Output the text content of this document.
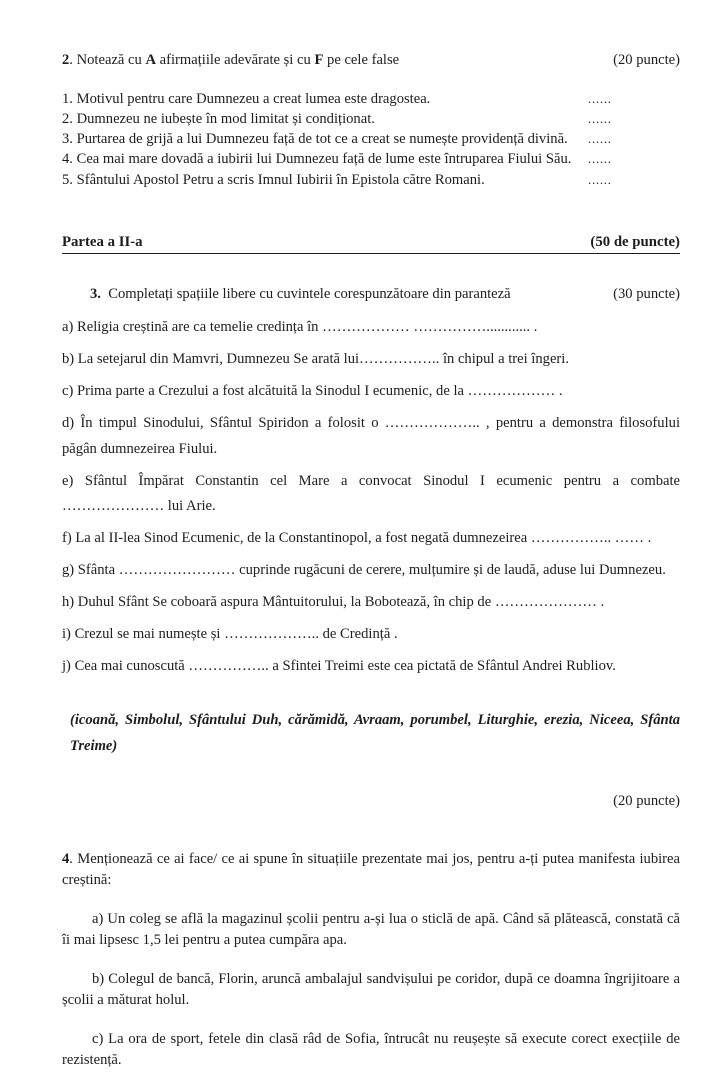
2. Notează cu A afirmațiile adevărate și cu F pe cele false	(20 puncte)
1. Motivul pentru care Dumnezeu a creat lumea este dragostea.	......
2. Dumnezeu ne iubește în mod limitat și condiționat.	......
3. Purtarea de grijă a lui Dumnezeu față de tot ce a creat se numește providență divină.	......
4. Cea mai mare dovadă a iubirii lui Dumnezeu față de lume este întruparea Fiului Său.	......
5. Sfântului Apostol Petru a scris Imnul Iubirii în Epistola către Romani.	......
Partea a II-a	(50 de puncte)
3. Completați spațiile libere cu cuvintele corespunzătoare din paranteză	(30 puncte)
a) Religia creștină are ca temelie credința în ……………… ……………............ .
b) La setejarul din Mamvri, Dumnezeu Se arată lui…………….. în chipul a trei îngeri.
c) Prima parte a Crezului a fost alcătuită la Sinodul I ecumenic, de la ……………… .
d) În timpul Sinodului, Sfântul Spiridon a folosit o ……………….. , pentru a demonstra filosofului păgân dumnezeirea Fiului.
e) Sfântul Împărat Constantin cel Mare a convocat Sinodul I ecumenic pentru a combate ………………… lui Arie.
f) La al II-lea Sinod Ecumenic, de la Constantinopol, a fost negată dumnezeirea …………….. …… .
g) Sfânta …………………… cuprinde rugăcuni de cerere, mulțumire și de laudă, aduse lui Dumnezeu.
h) Duhul Sfânt Se coboară aspura Mântuitorului, la Bobotează, în chip de ………………… .
i) Crezul se mai numește și ……………….. de Credință .
j) Cea mai cunoscută …………….. a Sfintei Treimi este cea pictată de Sfântul Andrei Rubliov.
(icoană, Simbolul, Sfântului Duh, cărămidă, Avraam, porumbel, Liturghie, erezia, Niceea, Sfânta Treime)
(20 puncte)
4. Menționează ce ai face/ ce ai spune în situațiile prezentate mai jos, pentru a-ți putea manifesta iubirea creștină:
a) Un coleg se află la magazinul școlii pentru a-și lua o sticlă de apă. Când să plătească, constată că îi mai lipsesc 1,5 lei pentru a putea cumpăra apa.
b) Colegul de bancă, Florin, aruncă ambalajul sandvișului pe coridor, după ce doamna îngrijitoare a școlii a măturat holul.
c) La ora de sport, fetele din clasă râd de Sofia, întrucât nu reușește să execute corect execțiile de rezistență.
